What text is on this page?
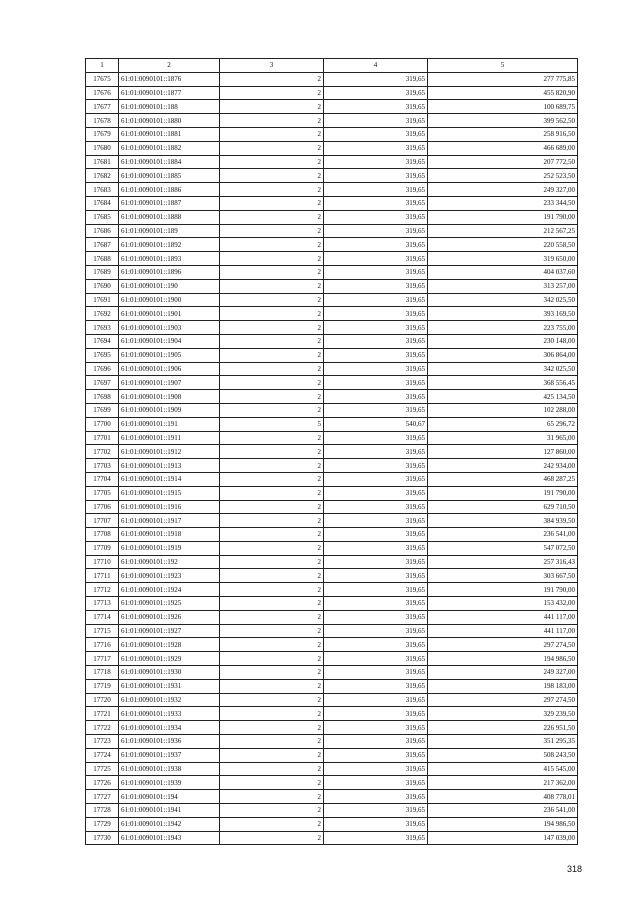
1	2	3	4	5
17675	61:01:0090101::1876	2	319,65	277 775,85
17676	61:01:0090101::1877	2	319,65	455 820,90
17677	61:01:0090101::188	2	319,65	100 689,75
17678	61:01:0090101::1880	2	319,65	399 562,50
17679	61:01:0090101::1881	2	319,65	258 916,50
17680	61:01:0090101::1882	2	319,65	466 689,00
17681	61:01:0090101::1884	2	319,65	207 772,50
17682	61:01:0090101::1885	2	319,65	252 523,50
17683	61:01:0090101::1886	2	319,65	249 327,00
17684	61:01:0090101::1887	2	319,65	233 344,50
17685	61:01:0090101::1888	2	319,65	191 790,00
17686	61:01:0090101::189	2	319,65	212 567,25
17687	61:01:0090101::1892	2	319,65	220 558,50
17688	61:01:0090101::1893	2	319,65	319 650,00
17689	61:01:0090101::1896	2	319,65	404 037,60
17690	61:01:0090101::190	2	319,65	313 257,00
17691	61:01:0090101::1900	2	319,65	342 025,50
17692	61:01:0090101::1901	2	319,65	393 169,50
17693	61:01:0090101::1903	2	319,65	223 755,00
17694	61:01:0090101::1904	2	319,65	230 148,00
17695	61:01:0090101::1905	2	319,65	306 864,00
17696	61:01:0090101::1906	2	319,65	342 025,50
17697	61:01:0090101::1907	2	319,65	368 556,45
17698	61:01:0090101::1908	2	319,65	425 134,50
17699	61:01:0090101::1909	2	319,65	102 288,00
17700	61:01:0090101::191	5	540,67	65 296,72
17701	61:01:0090101::1911	2	319,65	31 965,00
17702	61:01:0090101::1912	2	319,65	127 860,00
17703	61:01:0090101::1913	2	319,65	242 934,00
17704	61:01:0090101::1914	2	319,65	468 287,25
17705	61:01:0090101::1915	2	319,65	191 790,00
17706	61:01:0090101::1916	2	319,65	629 710,50
17707	61:01:0090101::1917	2	319,65	384 939,50
17708	61:01:0090101::1918	2	319,65	236 541,00
17709	61:01:0090101::1919	2	319,65	547 072,50
17710	61:01:0090101::192	2	319,65	257 316,43
17711	61:01:0090101::1923	2	319,65	303 667,50
17712	61:01:0090101::1924	2	319,65	191 790,00
17713	61:01:0090101::1925	2	319,65	153 432,00
17714	61:01:0090101::1926	2	319,65	441 117,00
17715	61:01:0090101::1927	2	319,65	441 117,00
17716	61:01:0090101::1928	2	319,65	297 274,50
17717	61:01:0090101::1929	2	319,65	194 986,50
17718	61:01:0090101::1930	2	319,65	249 327,00
17719	61:01:0090101::1931	2	319,65	198 183,00
17720	61:01:0090101::1932	2	319,65	297 274,50
17721	61:01:0090101::1933	2	319,65	329 239,50
17722	61:01:0090101::1934	2	319,65	226 951,50
17723	61:01:0090101::1936	2	319,65	351 295,35
17724	61:01:0090101::1937	2	319,65	508 243,50
17725	61:01:0090101::1938	2	319,65	415 545,00
17726	61:01:0090101::1939	2	319,65	217 362,00
17727	61:01:0090101::194	2	319,65	408 778,01
17728	61:01:0090101::1941	2	319,65	236 541,00
17729	61:01:0090101::1942	2	319,65	194 986,50
17730	61:01:0090101::1943	2	319,65	147 039,00
318
